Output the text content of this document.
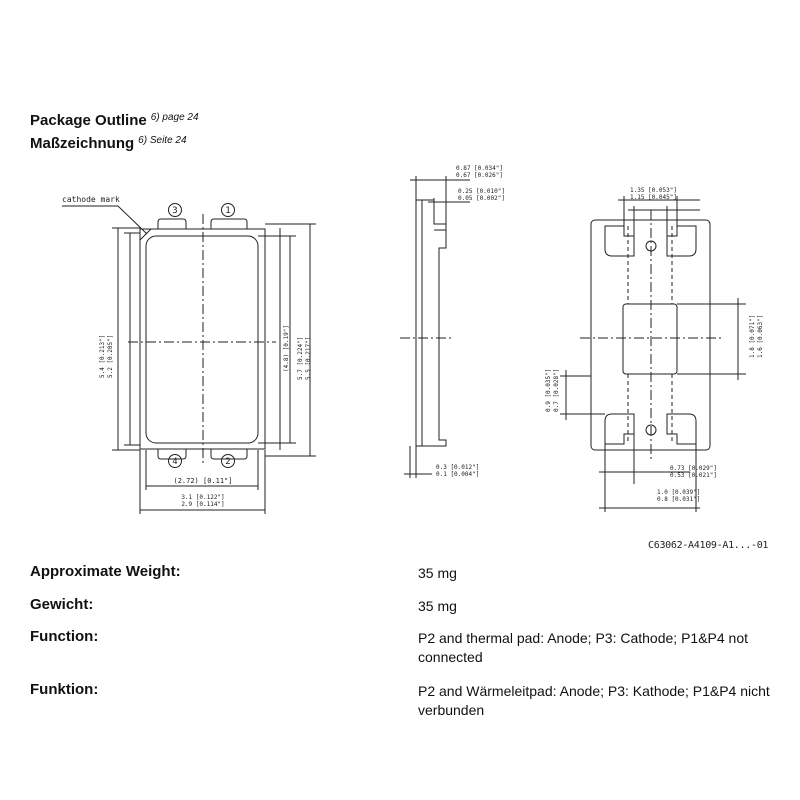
Package Outline $^{6) page 24}$
Maßzeichnung $^{6) Seite 24}$
cathode mark
3	1
4	2
5.4 [0.213"] 5.2 [0.205"]	(4.8) [0.19"] 5.7 [0.224"] 5.5 [0.217"]
(2.72) [0.11"]
3.1 [0.122"]
2.9 [0.114"]
0.87 [0.034"]
0.67 [0.026"]
0.25 [0.010"]
0.05 [0.002"]
0.3 [0.012"]
0.1 [0.004"]
1.35 [0.053"]
1.15 [0.045"]
1.8 [0.071"] 1.6 [0.063"]
0.9 [0.035"] 0.7 [0.028"]
0.73 [0.029"]
0.53 [0.021"]
1.0 [0.039"]
0.8 [0.031"]
C63062-A4109-A1...-01
Approximate Weight:	35 mg
Gewicht:	35 mg
Function:	P2 and thermal pad: Anode; P3: Cathode; P1&P4 not connected
Funktion:	P2 and Wärmeleitpad: Anode; P3: Kathode; P1&P4 nicht verbunden
